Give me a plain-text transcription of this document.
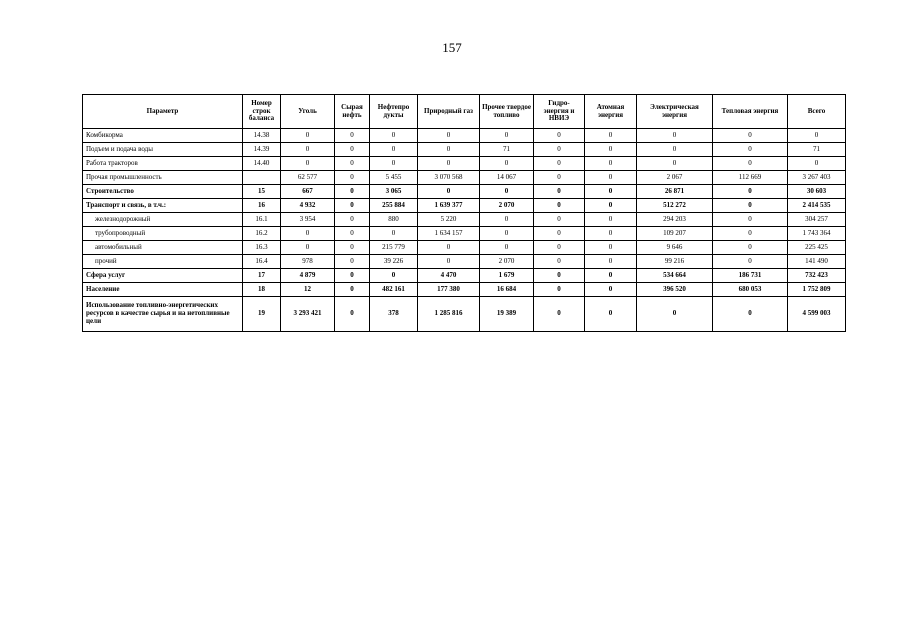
157
Параметр	Номер строк баланса	Уголь	Сырая нефть	Нефтепро дукты	Природный газ	Прочее твердое топливо	Гидро-энергия и НВИЭ	Атомная энергия	Электрическая энергия	Тепловая энергия	Всего
Комбикорма	14.38	0	0	0	0	0	0	0	0	0	0
Подъем и подача воды	14.39	0	0	0	0	71	0	0	0	0	71
Работа тракторов	14.40	0	0	0	0	0	0	0	0	0	0
Прочая промышленность		62 577	0	5 455	3 070 568	14 067	0	0	2 067	112 669	3 267 403
Строительство	15	667	0	3 065	0	0	0	0	26 871	0	30 603
Транспорт и связь, в т.ч.:	16	4 932	0	255 884	1 639 377	2 070	0	0	512 272	0	2 414 535
железнодорожный	16.1	3 954	0	880	5 220	0	0	0	294 203	0	304 257
трубопроводный	16.2	0	0	0	1 634 157	0	0	0	109 207	0	1 743 364
автомобильный	16.3	0	0	215 779	0	0	0	0	9 646	0	225 425
прочий	16.4	978	0	39 226	0	2 070	0	0	99 216	0	141 490
Сфера услуг	17	4 879	0	0	4 470	1 679	0	0	534 664	186 731	732 423
Население	18	12	0	482 161	177 380	16 684	0	0	396 520	680 053	1 752 809
Использование топливно-энергетических ресурсов в качестве сырья и на нетопливные цели	19	3 293 421	0	378	1 285 816	19 389	0	0	0	0	4 599 003
